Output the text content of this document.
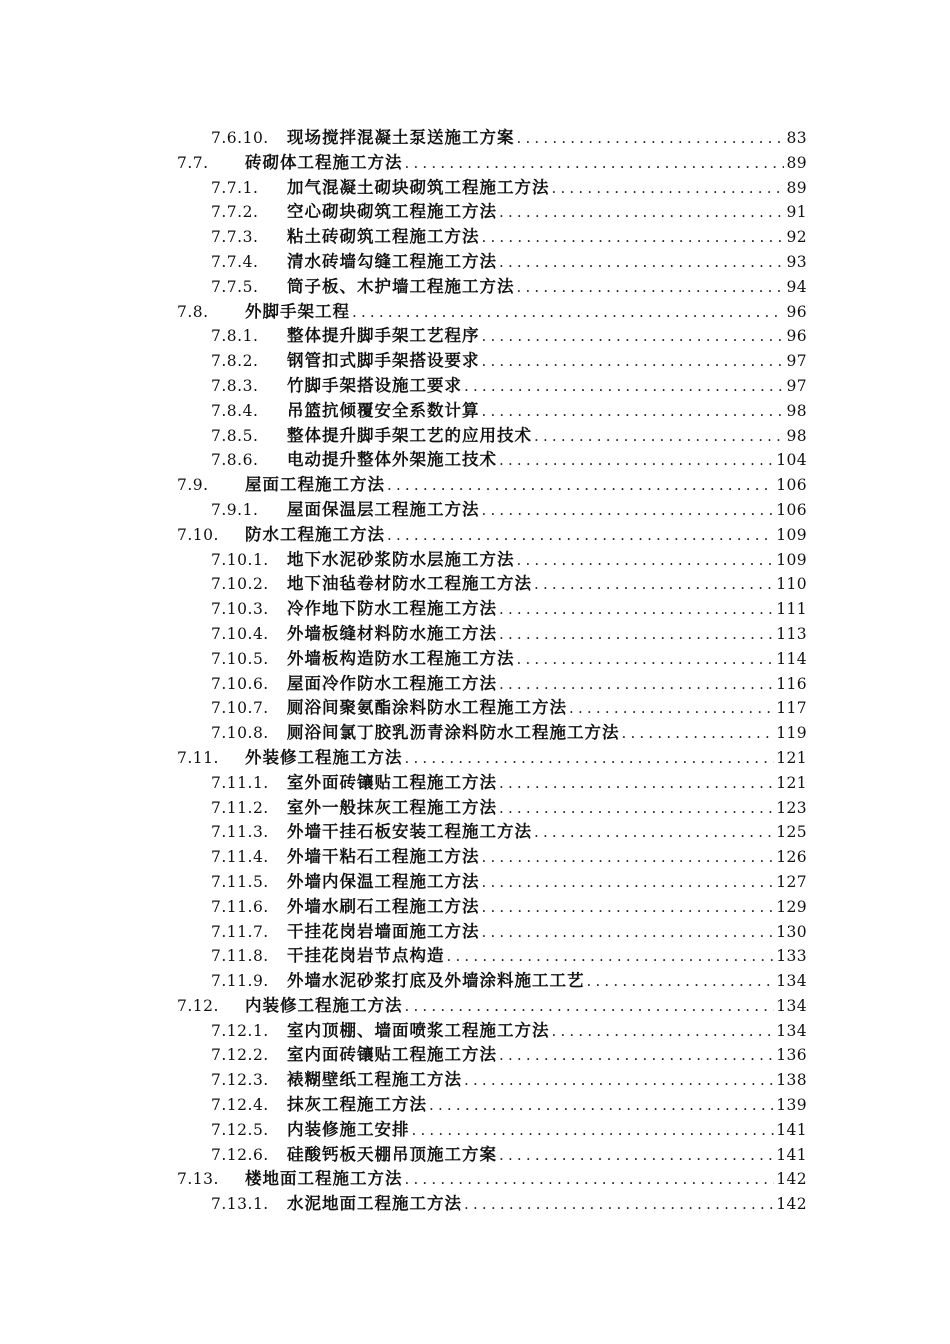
7.6.10.	现场搅拌混凝土泵送施工方案 .....	83
7.7.	砖砌体工程施工方法 .....	89
7.7.1.	加气混凝土砌块砌筑工程施工方法 .....	89
7.7.2.	空心砌块砌筑工程施工方法 .....	91
7.7.3.	粘土砖砌筑工程施工方法 .....	92
7.7.4.	清水砖墙勾缝工程施工方法 .....	93
7.7.5.	筒子板、木护墙工程施工方法 .....	94
7.8.	外脚手架工程 .....	96
7.8.1.	整体提升脚手架工艺程序 .....	96
7.8.2.	钢管扣式脚手架搭设要求 .....	97
7.8.3.	竹脚手架搭设施工要求 .....	97
7.8.4.	吊篮抗倾覆安全系数计算 .....	98
7.8.5.	整体提升脚手架工艺的应用技术 .....	98
7.8.6.	电动提升整体外架施工技术 .....	104
7.9.	屋面工程施工方法 .....	106
7.9.1.	屋面保温层工程施工方法 .....	106
7.10.	防水工程施工方法 .....	109
7.10.1.	地下水泥砂浆防水层施工方法 .....	109
7.10.2.	地下油毡卷材防水工程施工方法 .....	110
7.10.3.	冷作地下防水工程施工方法 .....	111
7.10.4.	外墙板缝材料防水施工方法 .....	113
7.10.5.	外墙板构造防水工程施工方法 .....	114
7.10.6.	屋面冷作防水工程施工方法 .....	116
7.10.7.	厕浴间聚氨酯涂料防水工程施工方法 .....	117
7.10.8.	厕浴间氯丁胶乳沥青涂料防水工程施工方法 .....	119
7.11.	外装修工程施工方法 .....	121
7.11.1.	室外面砖镶贴工程施工方法 .....	121
7.11.2.	室外一般抹灰工程施工方法 .....	123
7.11.3.	外墙干挂石板安装工程施工方法 .....	125
7.11.4.	外墙干粘石工程施工方法 .....	126
7.11.5.	外墙内保温工程施工方法 .....	127
7.11.6.	外墙水刷石工程施工方法 .....	129
7.11.7.	干挂花岗岩墙面施工方法 .....	130
7.11.8.	干挂花岗岩节点构造 .....	133
7.11.9.	外墙水泥砂浆打底及外墙涂料施工工艺 .....	134
7.12.	内装修工程施工方法 .....	134
7.12.1.	室内顶棚、墙面喷浆工程施工方法 .....	134
7.12.2.	室内面砖镶贴工程施工方法 .....	136
7.12.3.	裱糊壁纸工程施工方法 .....	138
7.12.4.	抹灰工程施工方法 .....	139
7.12.5.	内装修施工安排 .....	141
7.12.6.	硅酸钙板天棚吊顶施工方案 .....	141
7.13.	楼地面工程施工方法 .....	142
7.13.1.	水泥地面工程施工方法 .....	142
